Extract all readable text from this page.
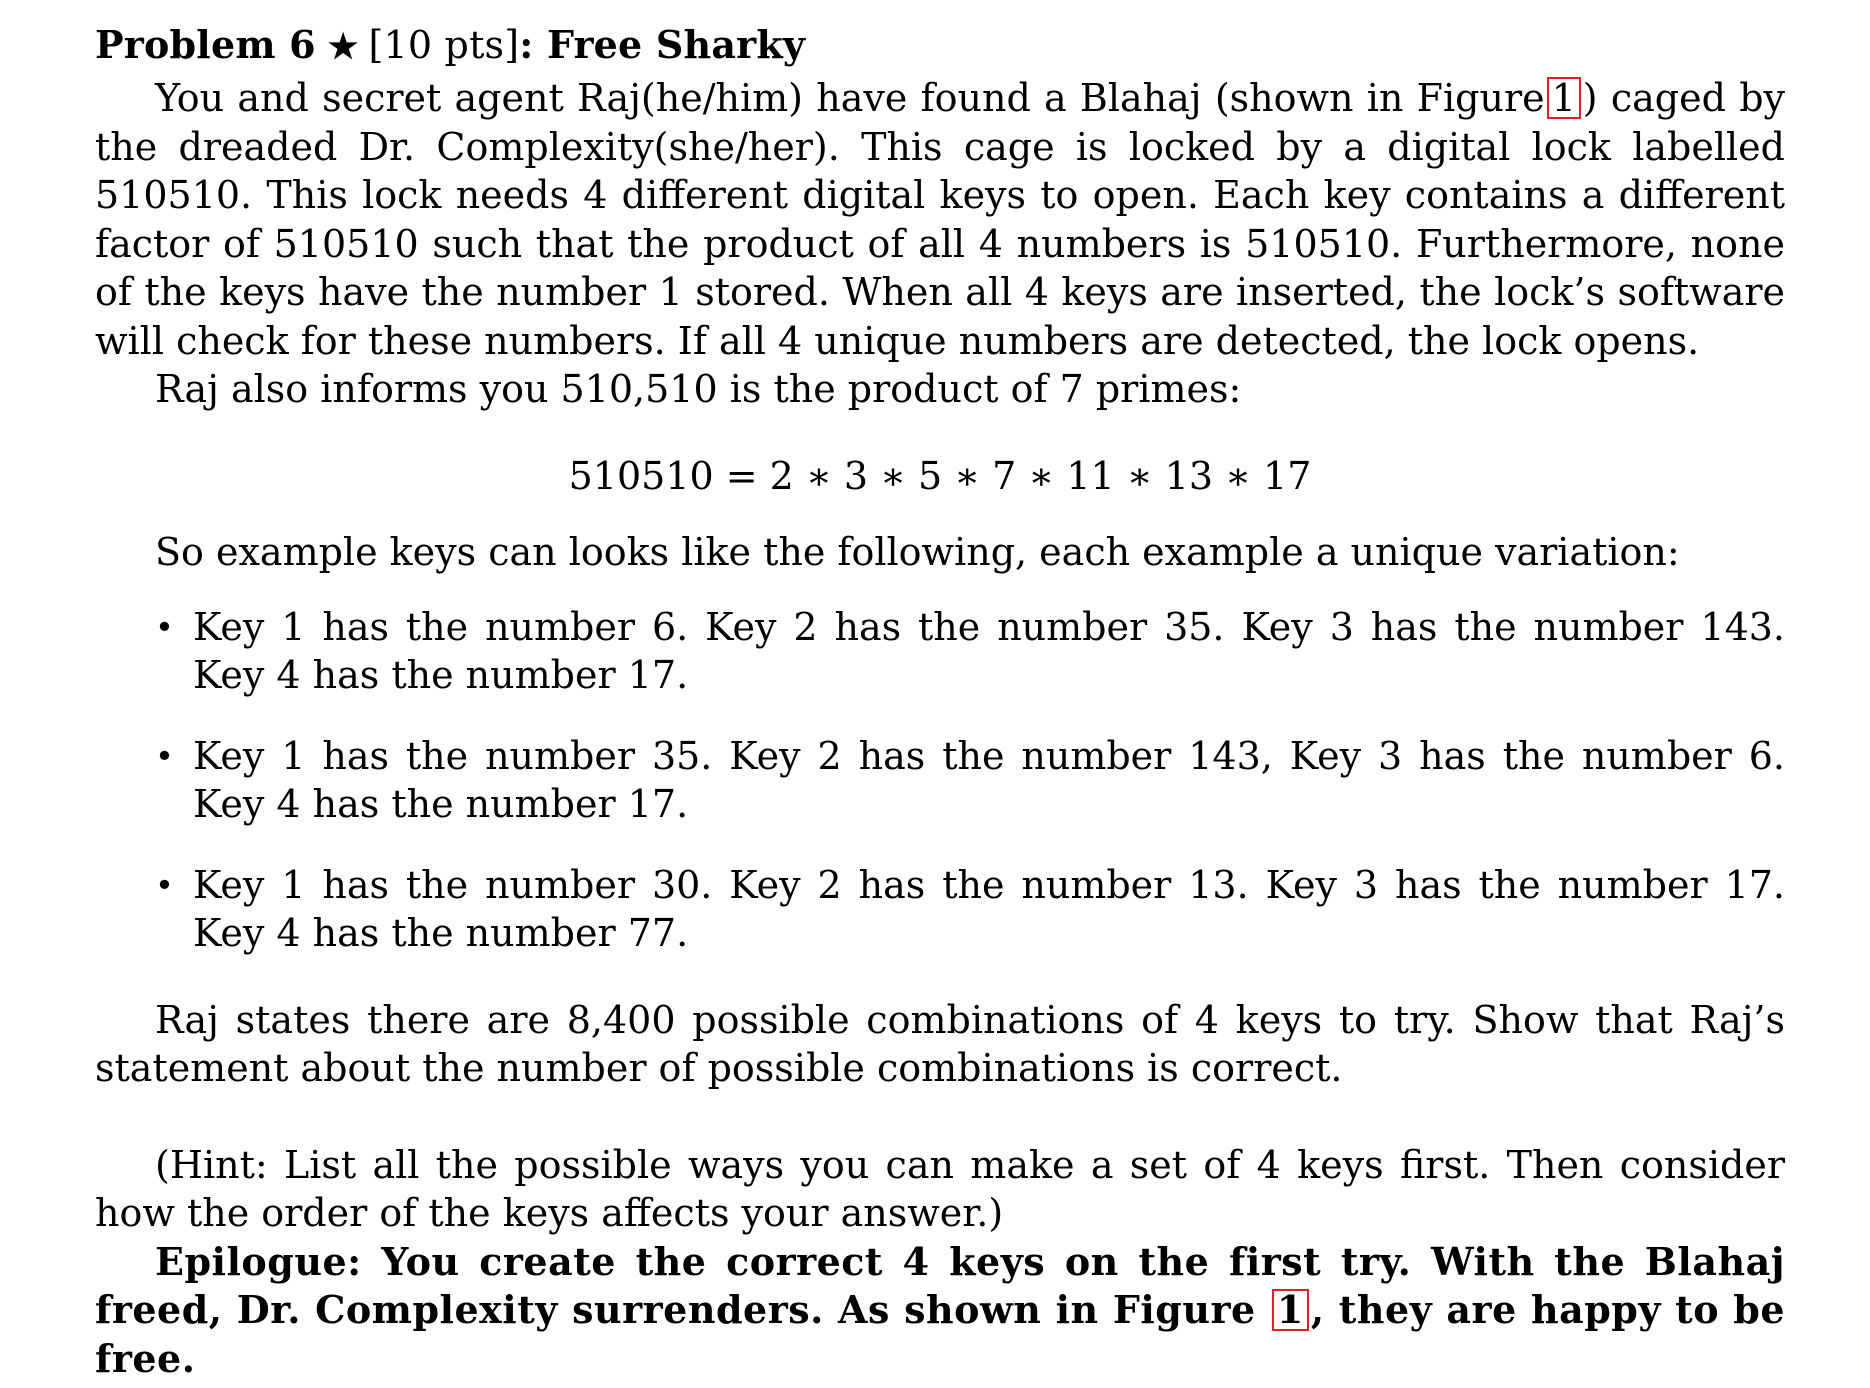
Problem 6 ★ [10 pts]: Free Sharky

You and secret agent Raj(he/him) have found a Blahaj (shown in Figure 1 ) caged by the dreaded Dr. Complexity(she/her). This cage is locked by a digital lock labelled 510510. This lock needs 4 different digital keys to open. Each key contains a different factor of 510510 such that the product of all 4 numbers is 510510. Furthermore, none of the keys have the number 1 stored. When all 4 keys are inserted, the lock’s software will check for these numbers. If all 4 unique numbers are detected, the lock opens.

Raj also informs you 510,510 is the product of 7 primes:

510510 = 2 ∗ 3 ∗ 5 ∗ 7 ∗ 11 ∗ 13 ∗ 17

So example keys can looks like the following, each example a unique variation:

• Key 1 has the number 6. Key 2 has the number 35. Key 3 has the number 143. Key 4 has the number 17.
• Key 1 has the number 35. Key 2 has the number 143, Key 3 has the number 6. Key 4 has the number 17.
• Key 1 has the number 30. Key 2 has the number 13. Key 3 has the number 17. Key 4 has the number 77.

Raj states there are 8,400 possible combinations of 4 keys to try. Show that Raj’s statement about the number of possible combinations is correct.

(Hint: List all the possible ways you can make a set of 4 keys first. Then consider how the order of the keys affects your answer.)

Epilogue: You create the correct 4 keys on the first try. With the Blahaj freed, Dr. Complexity surrenders. As shown in Figure 1 , they are happy to be free.
